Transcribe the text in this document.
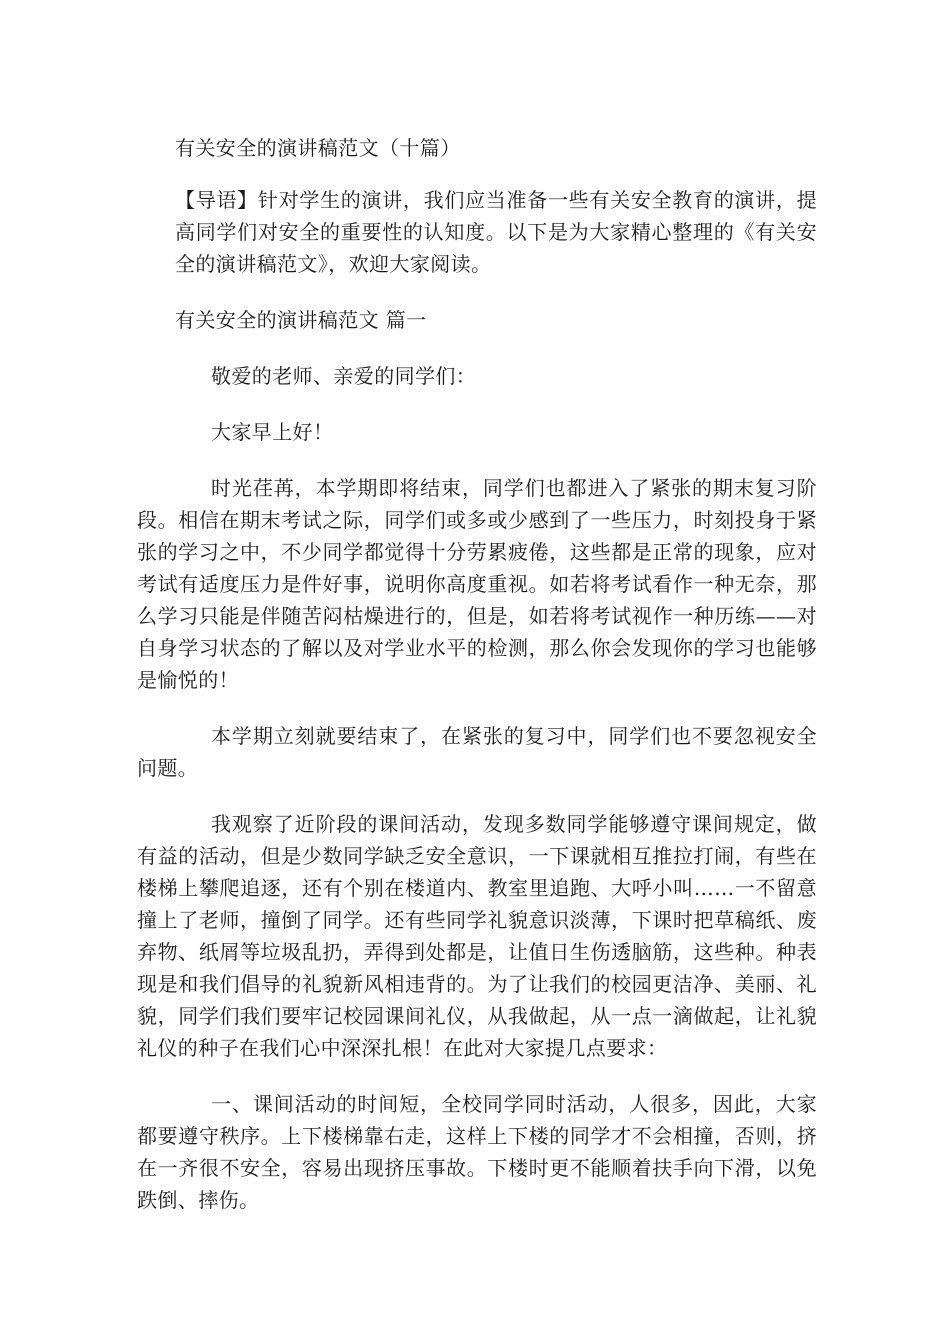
有关安全的演讲稿范文（十篇）

【导语】针对学生的演讲，我们应当准备一些有关安全教育的演讲，提高同学们对安全的重要性的认知度。以下是为大家精心整理的《有关安全的演讲稿范文》，欢迎大家阅读。

有关安全的演讲稿范文 篇一

敬爱的老师、亲爱的同学们：

大家早上好！

时光荏苒，本学期即将结束，同学们也都进入了紧张的期末复习阶段。相信在期末考试之际，同学们或多或少感到了一些压力，时刻投身于紧张的学习之中，不少同学都觉得十分劳累疲倦，这些都是正常的现象，应对考试有适度压力是件好事，说明你高度重视。如若将考试看作一种无奈，那么学习只能是伴随苦闷枯燥进行的，但是，如若将考试视作一种历练——对自身学习状态的了解以及对学业水平的检测，那么你会发现你的学习也能够是愉悦的！

本学期立刻就要结束了，在紧张的复习中，同学们也不要忽视安全问题。

我观察了近阶段的课间活动，发现多数同学能够遵守课间规定，做有益的活动，但是少数同学缺乏安全意识，一下课就相互推拉打闹，有些在楼梯上攀爬追逐，还有个别在楼道内、教室里追跑、大呼小叫……一不留意撞上了老师，撞倒了同学。还有些同学礼貌意识淡薄，下课时把草稿纸、废弃物、纸屑等垃圾乱扔，弄得到处都是，让值日生伤透脑筋，这些种。种表现是和我们倡导的礼貌新风相违背的。为了让我们的校园更洁净、美丽、礼貌，同学们我们要牢记校园课间礼仪，从我做起，从一点一滴做起，让礼貌礼仪的种子在我们心中深深扎根！在此对大家提几点要求：

一、课间活动的时间短，全校同学同时活动，人很多，因此，大家都要遵守秩序。上下楼梯靠右走，这样上下楼的同学才不会相撞，否则，挤在一齐很不安全，容易出现挤压事故。下楼时更不能顺着扶手向下滑，以免跌倒、摔伤。
